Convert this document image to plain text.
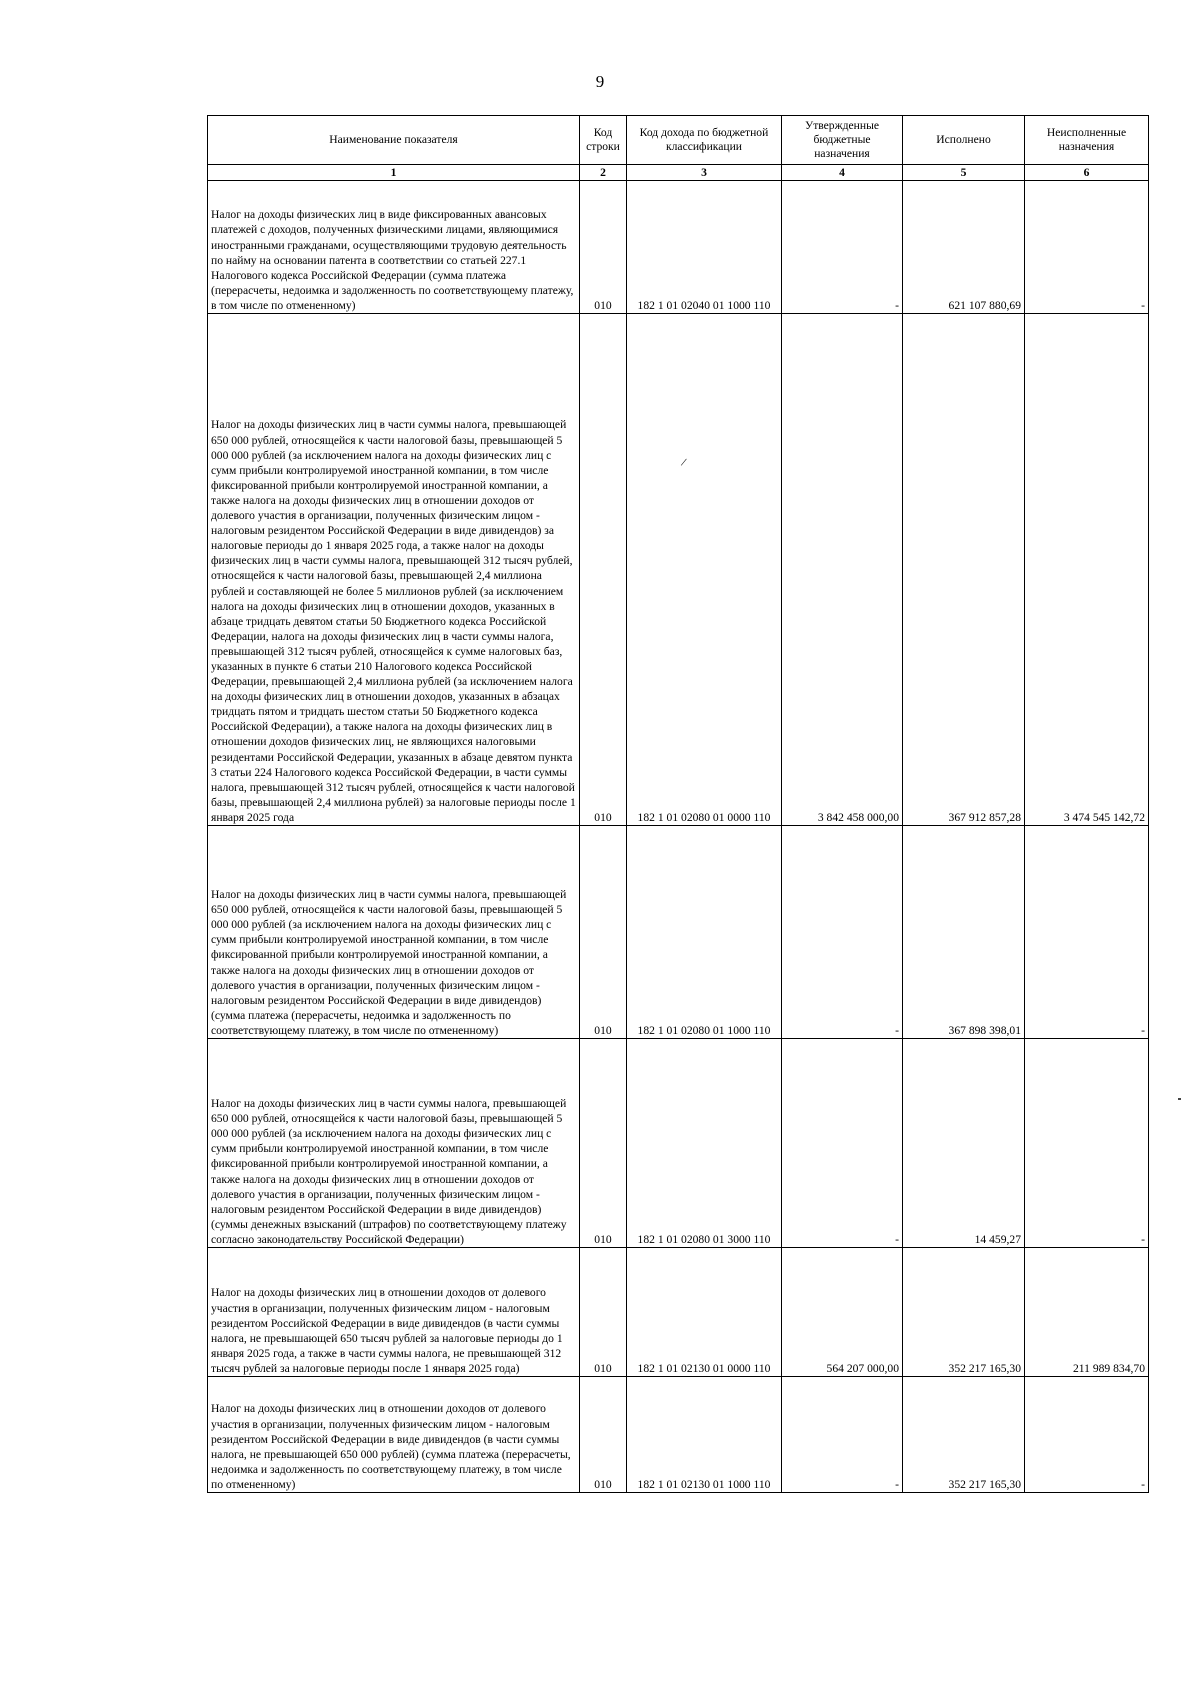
9
Наименование показателя	Код строки	Код дохода по бюджетной классификации	Утвержденные бюджетные назначения	Исполнено	Неисполненные назначения
1	2	3	4	5	6
Налог на доходы физических лиц в виде фиксированных авансовых платежей с доходов, полученных физическими лицами, являющимися иностранными гражданами, осуществляющими трудовую деятельность по найму на основании патента в соответствии со статьей 227.1 Налогового кодекса Российской Федерации (сумма платежа (перерасчеты, недоимка и задолженность по соответствующему платежу, в том числе по отмененному)	010	182 1 01 02040 01 1000 110	-	621 107 880,69	-
Налог на доходы физических лиц в части суммы налога, превышающей 650 000 рублей, относящейся к части налоговой базы, превышающей 5 000 000 рублей (за исключением налога на доходы физических лиц с сумм прибыли контролируемой иностранной компании, в том числе фиксированной прибыли контролируемой иностранной компании, а также налога на доходы физических лиц в отношении доходов от долевого участия в организации, полученных физическим лицом - налоговым резидентом Российской Федерации в виде дивидендов) за налоговые периоды до 1 января 2025 года, а также налог на доходы физических лиц в части суммы налога, превышающей 312 тысяч рублей, относящейся к части налоговой базы, превышающей 2,4 миллиона рублей и составляющей не более 5 миллионов рублей (за исключением налога на доходы физических лиц в отношении доходов, указанных в абзаце тридцать девятом статьи 50 Бюджетного кодекса Российской Федерации, налога на доходы физических лиц в части суммы налога, превышающей 312 тысяч рублей, относящейся к сумме налоговых баз, указанных в пункте 6 статьи 210 Налогового кодекса Российской Федерации, превышающей 2,4 миллиона рублей (за исключением налога на доходы физических лиц в отношении доходов, указанных в абзацах тридцать пятом и тридцать шестом статьи 50 Бюджетного кодекса Российской Федерации), а также налога на доходы физических лиц в отношении доходов физических лиц, не являющихся налоговыми резидентами Российской Федерации, указанных в абзаце девятом пункта 3 статьи 224 Налогового кодекса Российской Федерации, в части суммы налога, превышающей 312 тысяч рублей, относящейся к части налоговой базы, превышающей 2,4 миллиона рублей) за налоговые периоды после 1 января 2025 года	010	182 1 01 02080 01 0000 110	3 842 458 000,00	367 912 857,28	3 474 545 142,72
Налог на доходы физических лиц в части суммы налога, превышающей 650 000 рублей, относящейся к части налоговой базы, превышающей 5 000 000 рублей (за исключением налога на доходы физических лиц с сумм прибыли контролируемой иностранной компании, в том числе фиксированной прибыли контролируемой иностранной компании, а также налога на доходы физических лиц в отношении доходов от долевого участия в организации, полученных физическим лицом - налоговым резидентом Российской Федерации в виде дивидендов) (сумма платежа (перерасчеты, недоимка и задолженность по соответствующему платежу, в том числе по отмененному)	010	182 1 01 02080 01 1000 110	-	367 898 398,01	-
Налог на доходы физических лиц в части суммы налога, превышающей 650 000 рублей, относящейся к части налоговой базы, превышающей 5 000 000 рублей (за исключением налога на доходы физических лиц с сумм прибыли контролируемой иностранной компании, в том числе фиксированной прибыли контролируемой иностранной компании, а также налога на доходы физических лиц в отношении доходов от долевого участия в организации, полученных физическим лицом - налоговым резидентом Российской Федерации в виде дивидендов) (суммы денежных взысканий (штрафов) по соответствующему платежу согласно законодательству Российской Федерации)	010	182 1 01 02080 01 3000 110	-	14 459,27	-
Налог на доходы физических лиц в отношении доходов от долевого участия в организации, полученных физическим лицом - налоговым резидентом Российской Федерации в виде дивидендов (в части суммы налога, не превышающей 650 тысяч рублей за налоговые периоды до 1 января 2025 года, а также в части суммы налога, не превышающей 312 тысяч рублей за налоговые периоды после 1 января 2025 года)	010	182 1 01 02130 01 0000 110	564 207 000,00	352 217 165,30	211 989 834,70
Налог на доходы физических лиц в отношении доходов от долевого участия в организации, полученных физическим лицом - налоговым резидентом Российской Федерации в виде дивидендов (в части суммы налога, не превышающей 650 000 рублей) (сумма платежа (перерасчеты, недоимка и задолженность по соответствующему платежу, в том числе по отмененному)	010	182 1 01 02130 01 1000 110	-	352 217 165,30	-
/
